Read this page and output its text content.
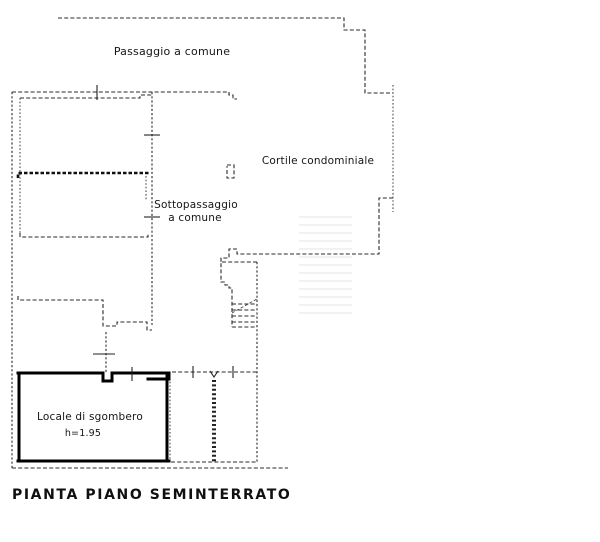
Passaggio a comune
Cortile condominiale
Sottopassaggio
a comune
Locale di sgombero
h=1.95
PIANTA PIANO SEMINTERRATO
